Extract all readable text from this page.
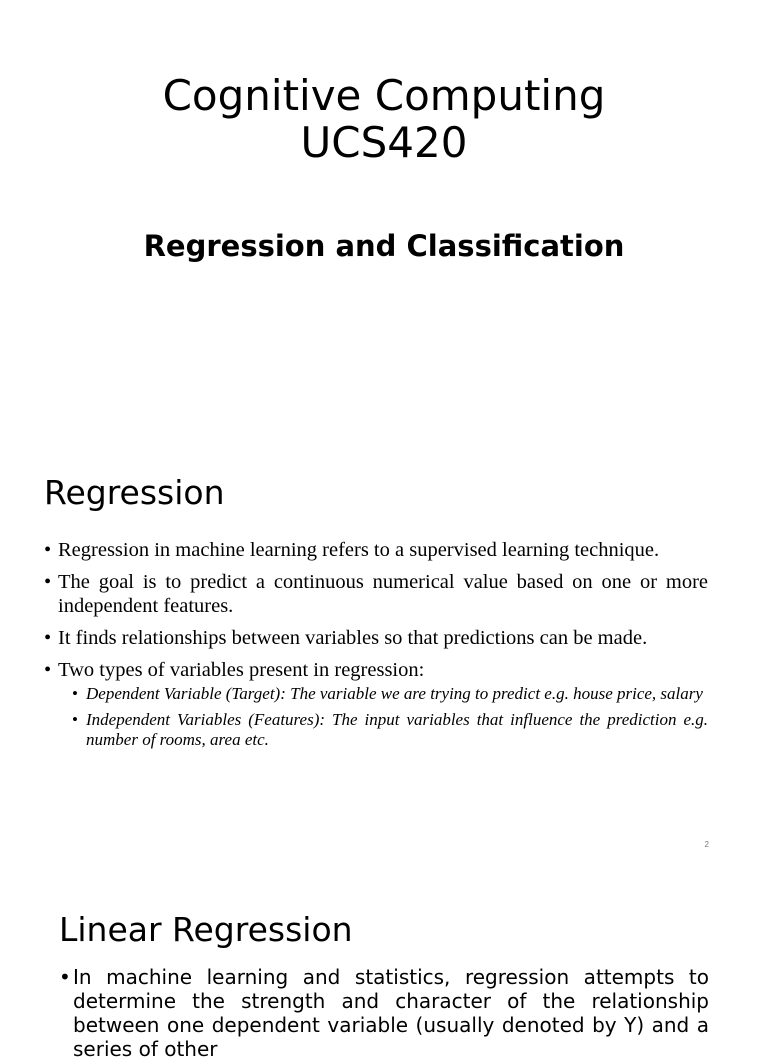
Cognitive Computing
UCS420
Regression and Classification
Regression
• Regression in machine learning refers to a supervised learning technique.
• The goal is to predict a continuous numerical value based on one or more independent features.
• It finds relationships between variables so that predictions can be made.
• Two types of variables present in regression:
• Dependent Variable (Target): The variable we are trying to predict e.g. house price, salary
• Independent Variables (Features): The input variables that influence the prediction e.g. number of rooms, area etc.
2
Linear Regression
• In machine learning and statistics, regression attempts to determine the strength and character of the relationship between one dependent variable (usually denoted by Y) and a series of other
